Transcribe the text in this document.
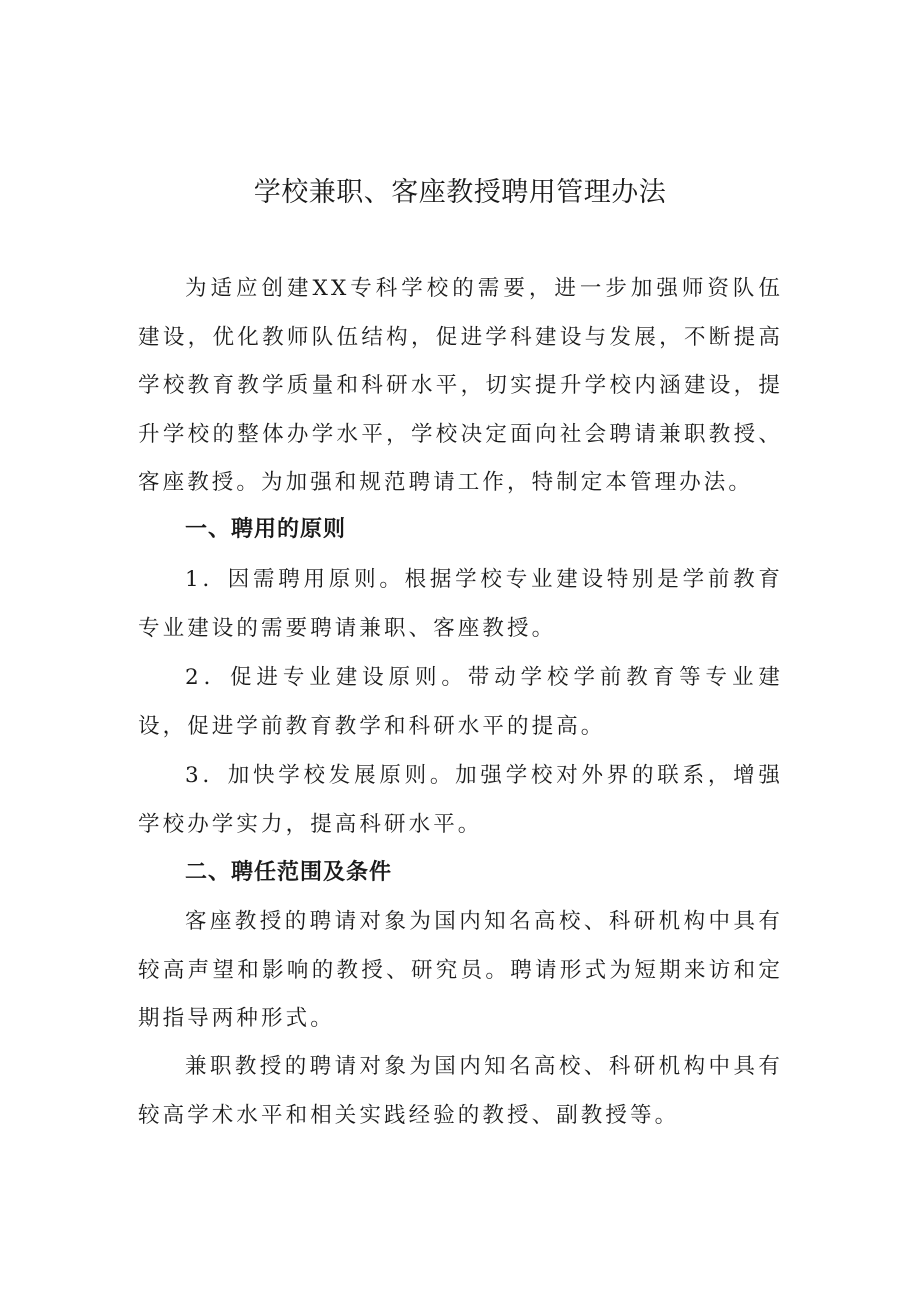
学校兼职、客座教授聘用管理办法

为适应创建XX专科学校的需要，进一步加强师资队伍建设，优化教师队伍结构，促进学科建设与发展，不断提高学校教育教学质量和科研水平，切实提升学校内涵建设，提升学校的整体办学水平，学校决定面向社会聘请兼职教授、客座教授。为加强和规范聘请工作，特制定本管理办法。

一、聘用的原则

1．因需聘用原则。根据学校专业建设特别是学前教育专业建设的需要聘请兼职、客座教授。

2．促进专业建设原则。带动学校学前教育等专业建设，促进学前教育教学和科研水平的提高。

3．加快学校发展原则。加强学校对外界的联系，增强学校办学实力，提高科研水平。

二、聘任范围及条件

客座教授的聘请对象为国内知名高校、科研机构中具有较高声望和影响的教授、研究员。聘请形式为短期来访和定期指导两种形式。

兼职教授的聘请对象为国内知名高校、科研机构中具有较高学术水平和相关实践经验的教授、副教授等。
